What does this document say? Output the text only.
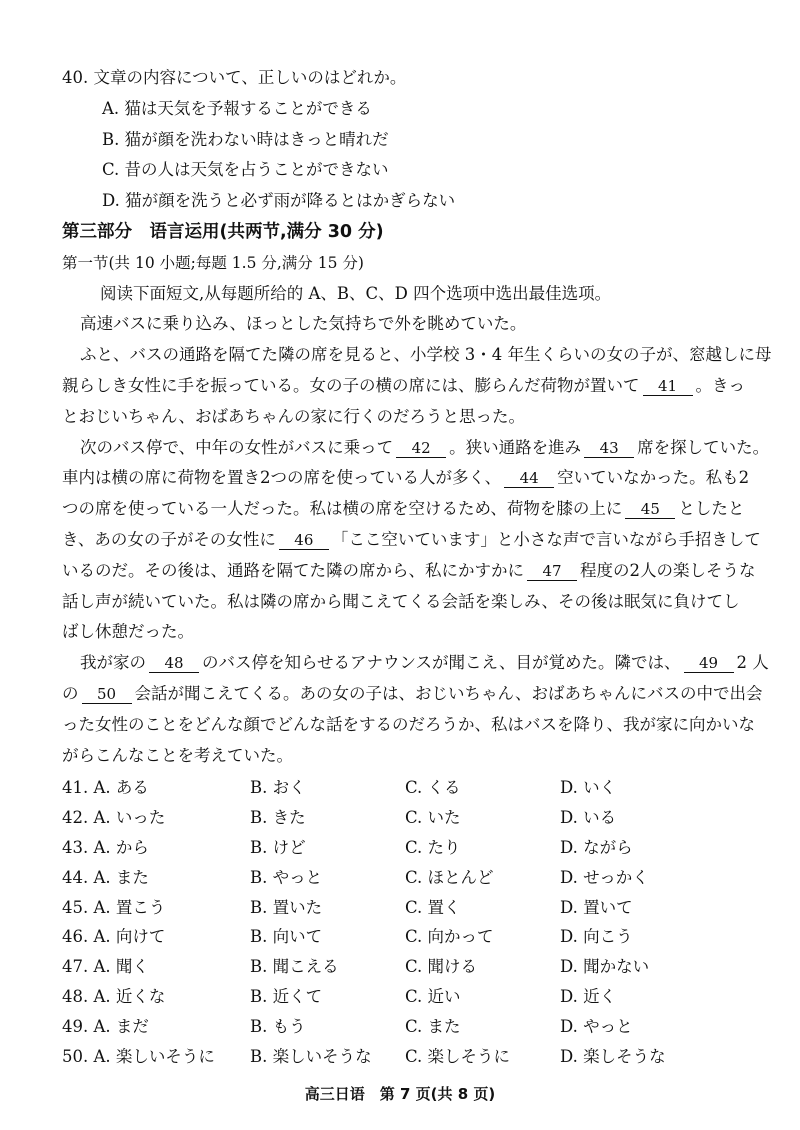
40. 文章の内容について、正しいのはどれか。
A. 猫は天気を予報することができる
B. 猫が顔を洗わない時はきっと晴れだ
C. 昔の人は天気を占うことができない
D. 猫が顔を洗うと必ず雨が降るとはかぎらない
第三部分　语言运用(共两节,满分 30 分)
第一节(共 10 小题;每题 1.5 分,满分 15 分)
阅读下面短文,从每题所给的 A、B、C、D 四个选项中选出最佳选项。
高速バスに乗り込み、ほっとした気持ちで外を眺めていた。
ふと、バスの通路を隔てた隣の席を見ると、小学校 3・4 年生くらいの女の子が、窓越しに母
親らしき女性に手を振っている。女の子の横の席には、膨らんだ荷物が置いて 41 。きっ
とおじいちゃん、おばあちゃんの家に行くのだろうと思った。
次のバス停で、中年の女性がバスに乗って 42 。狭い通路を進み 43 席を探していた。
車内は横の席に荷物を置き2つの席を使っている人が多く、 44 空いていなかった。私も2
つの席を使っている一人だった。私は横の席を空けるため、荷物を膝の上に 45 としたと
き、あの女の子がその女性に 46 「ここ空いています」と小さな声で言いながら手招きして
いるのだ。その後は、通路を隔てた隣の席から、私にかすかに 47 程度の2人の楽しそうな
話し声が続いていた。私は隣の席から聞こえてくる会話を楽しみ、その後は眠気に負けてし
ばし休憩だった。
我が家の 48 のバス停を知らせるアナウンスが聞こえ、目が覚めた。隣では、 49 2 人
の 50 会話が聞こえてくる。あの女の子は、おじいちゃん、おばあちゃんにバスの中で出会
った女性のことをどんな顔でどんな話をするのだろうか、私はバスを降り、我が家に向かいな
がらこんなことを考えていた。
41. A. ある	B. おく	C. くる	D. いく
42. A. いった	B. きた	C. いた	D. いる
43. A. から	B. けど	C. たり	D. ながら
44. A. また	B. やっと	C. ほとんど	D. せっかく
45. A. 置こう	B. 置いた	C. 置く	D. 置いて
46. A. 向けて	B. 向いて	C. 向かって	D. 向こう
47. A. 聞く	B. 聞こえる	C. 聞ける	D. 聞かない
48. A. 近くな	B. 近くて	C. 近い	D. 近く
49. A. まだ	B. もう	C. また	D. やっと
50. A. 楽しいそうに	B. 楽しいそうな	C. 楽しそうに	D. 楽しそうな
高三日语　第 7 页(共 8 页)
